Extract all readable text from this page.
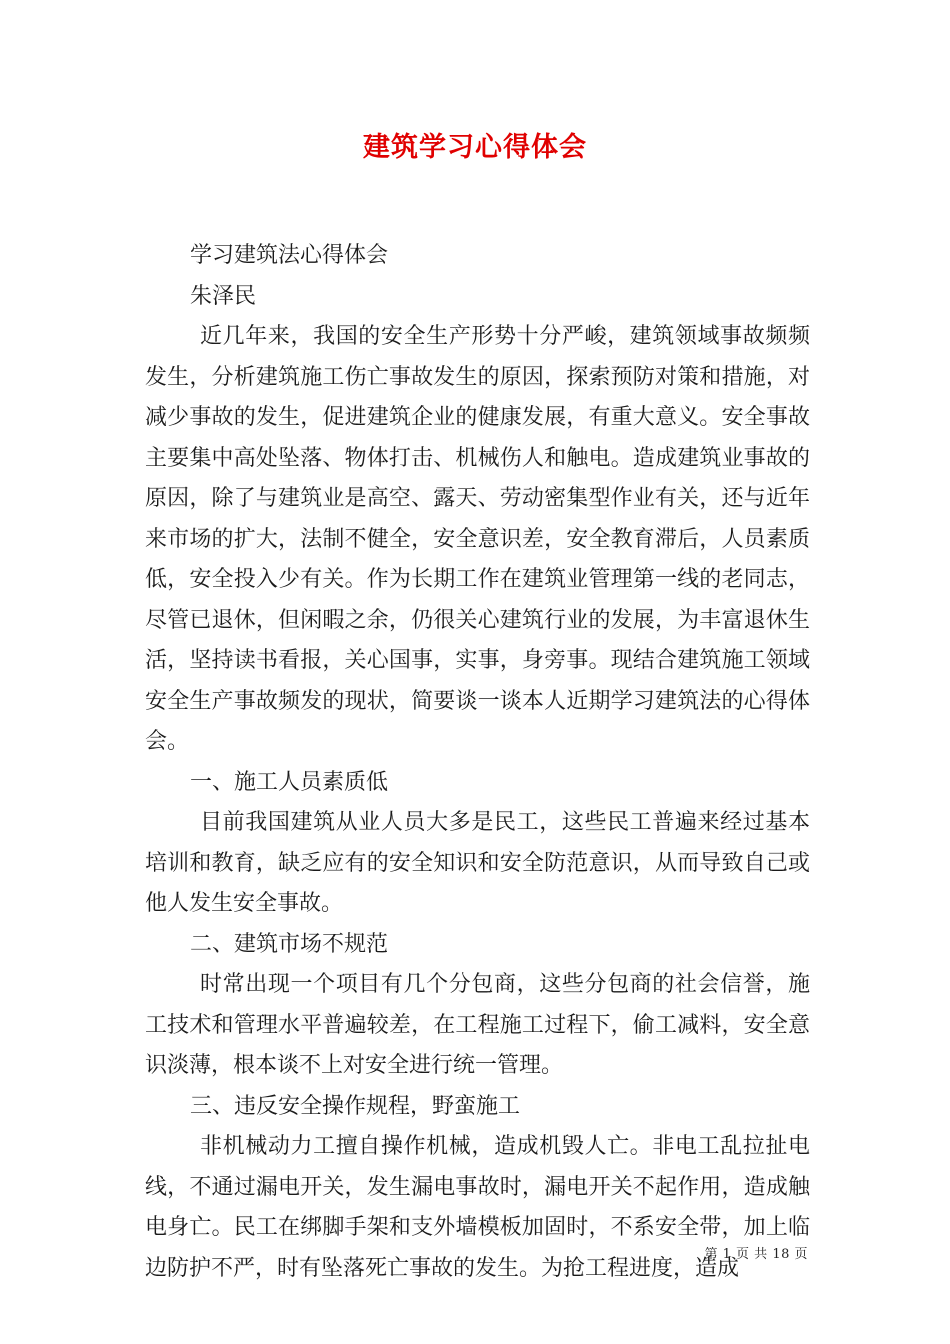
建筑学习心得体会

学习建筑法心得体会

朱泽民

近几年来，我国的安全生产形势十分严峻，建筑领域事故频频发生，分析建筑施工伤亡事故发生的原因，探索预防对策和措施，对减少事故的发生，促进建筑企业的健康发展，有重大意义。安全事故主要集中高处坠落、物体打击、机械伤人和触电。造成建筑业事故的原因，除了与建筑业是高空、露天、劳动密集型作业有关，还与近年来市场的扩大，法制不健全，安全意识差，安全教育滞后，人员素质低，安全投入少有关。作为长期工作在建筑业管理第一线的老同志，尽管已退休，但闲暇之余，仍很关心建筑行业的发展，为丰富退休生活，坚持读书看报，关心国事，实事，身旁事。现结合建筑施工领域安全生产事故频发的现状，简要谈一谈本人近期学习建筑法的心得体会。

一、施工人员素质低

目前我国建筑从业人员大多是民工，这些民工普遍来经过基本培训和教育，缺乏应有的安全知识和安全防范意识，从而导致自己或他人发生安全事故。

二、建筑市场不规范

时常出现一个项目有几个分包商，这些分包商的社会信誉，施工技术和管理水平普遍较差，在工程施工过程下，偷工减料，安全意识淡薄，根本谈不上对安全进行统一管理。

三、违反安全操作规程，野蛮施工

非机械动力工擅自操作机械，造成机毁人亡。非电工乱拉扯电线，不通过漏电开关，发生漏电事故时，漏电开关不起作用，造成触电身亡。民工在绑脚手架和支外墙模板加固时，不系安全带，加上临边防护不严，时有坠落死亡事故的发生。为抢工程进度，造成

第 1 页 共 18 页
